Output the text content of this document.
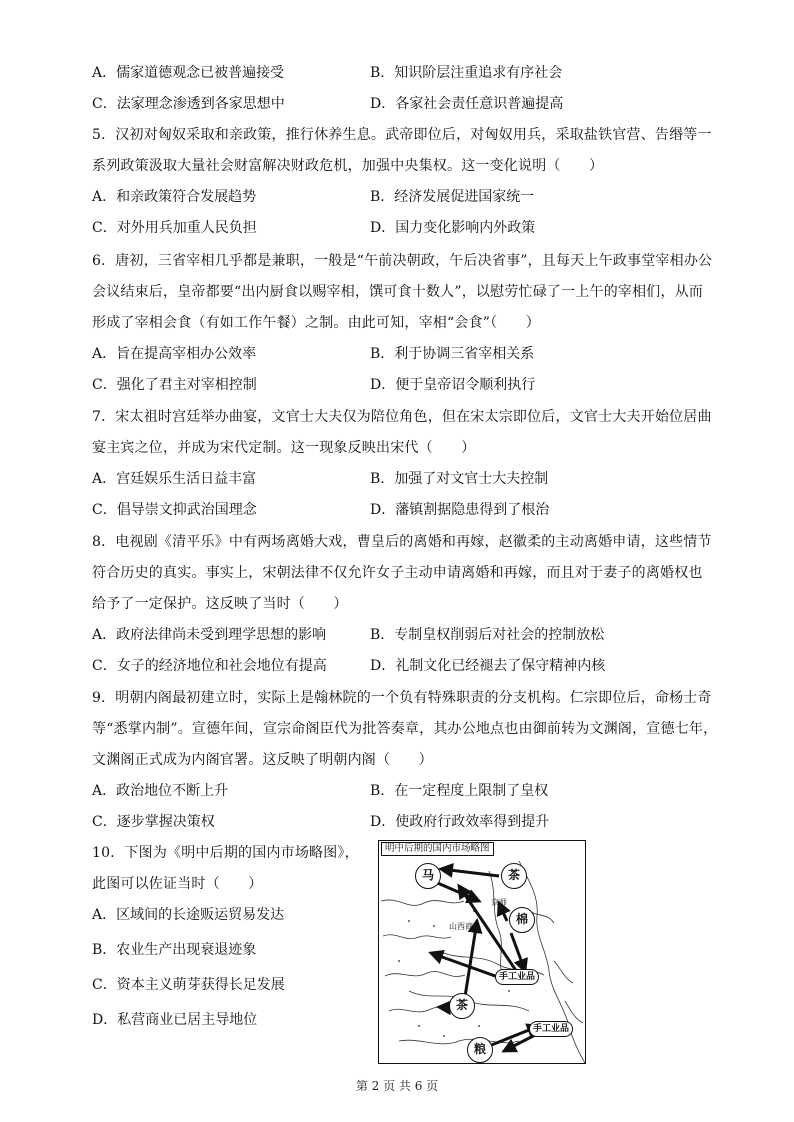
A．儒家道德观念已被普遍接受	B．知识阶层注重追求有序社会
C．法家理念渗透到各家思想中	D．各家社会责任意识普遍提高
5．汉初对匈奴采取和亲政策，推行休养生息。武帝即位后，对匈奴用兵，采取盐铁官营、告缗等一
系列政策汲取大量社会财富解决财政危机，加强中央集权。这一变化说明（　　）
A．和亲政策符合发展趋势	B．经济发展促进国家统一
C．对外用兵加重人民负担	D．国力变化影响内外政策
6．唐初，三省宰相几乎都是兼职，一般是“午前决朝政，午后决省事”，且每天上午政事堂宰相办公
会议结束后，皇帝都要“出内厨食以赐宰相，馔可食十数人”，以慰劳忙碌了一上午的宰相们，从而
形成了宰相会食（有如工作午餐）之制。由此可知，宰相“会食”（　　）
A．旨在提高宰相办公效率	B．利于协调三省宰相关系
C．强化了君主对宰相控制	D．便于皇帝诏令顺利执行
7．宋太祖时宫廷举办曲宴，文官士大夫仅为陪位角色，但在宋太宗即位后，文官士大夫开始位居曲
宴主宾之位，并成为宋代定制。这一现象反映出宋代（　　）
A．宫廷娱乐生活日益丰富	B．加强了对文官士大夫控制
C．倡导崇文抑武治国理念	D．藩镇割据隐患得到了根治
8．电视剧《清平乐》中有两场离婚大戏，曹皇后的离婚和再嫁，赵徽柔的主动离婚申请，这些情节
符合历史的真实。事实上，宋朝法律不仅允许女子主动申请离婚和再嫁，而且对于妻子的离婚权也
给予了一定保护。这反映了当时（　　）
A．政府法律尚未受到理学思想的影响	B．专制皇权削弱后对社会的控制放松
C．女子的经济地位和社会地位有提高	D．礼制文化已经褪去了保守精神内核
9．明朝内阁最初建立时，实际上是翰林院的一个负有特殊职责的分支机构。仁宗即位后，命杨士奇
等“悉掌内制”。宣德年间，宣宗命阁臣代为批答奏章，其办公地点也由御前转为文渊阁，宣德七年，
文渊阁正式成为内阁官署。这反映了明朝内阁（　　）
A．政治地位不断上升	B．在一定程度上限制了皇权
C．逐步掌握决策权	D．使政府行政效率得到提升
10．下图为《明中后期的国内市场略图》，
此图可以佐证当时（　　）
A．区域间的长途贩运贸易发达
B．农业生产出现衰退迹象
C．资本主义萌芽获得长足发展
D．私营商业已居主导地位
明中后期的国内市场略图
马	茶
京师
棉
山西商人
手工业品
茶
手工业品
粮
第 2 页 共 6 页
